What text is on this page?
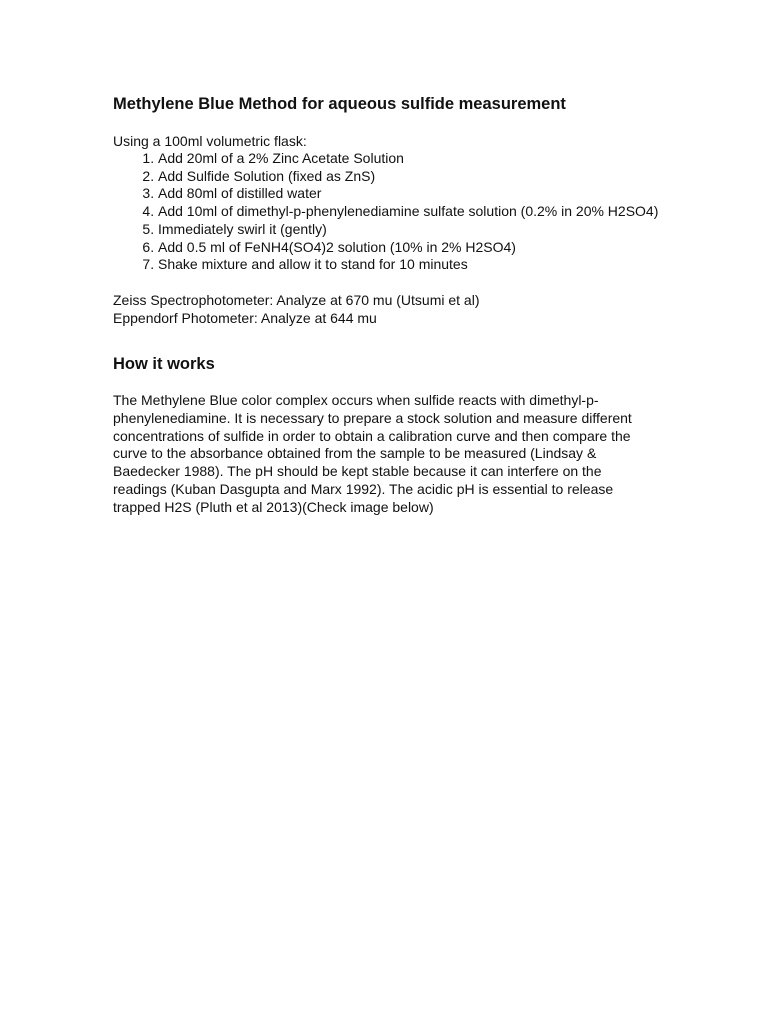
Methylene Blue Method for aqueous sulfide measurement
Using a 100ml volumetric flask:
1. Add 20ml of a 2% Zinc Acetate Solution
2. Add Sulfide Solution (fixed as ZnS)
3. Add 80ml of distilled water
4. Add 10ml of dimethyl-p-phenylenediamine sulfate solution (0.2% in 20% H2SO4)
5. Immediately swirl it (gently)
6. Add 0.5 ml of FeNH4(SO4)2 solution (10% in 2% H2SO4)
7. Shake mixture and allow it to stand for 10 minutes
Zeiss Spectrophotometer: Analyze at 670 mu (Utsumi et al)
Eppendorf Photometer: Analyze at 644 mu
How it works

The Methylene Blue color complex occurs when sulfide reacts with dimethyl-p-phenylenediamine. It is necessary to prepare a stock solution and measure different concentrations of sulfide in order to obtain a calibration curve and then compare the curve to the absorbance obtained from the sample to be measured (Lindsay & Baedecker 1988). The pH should be kept stable because it can interfere on the readings (Kuban Dasgupta and Marx 1992). The acidic pH is essential to release trapped H2S (Pluth et al 2013)(Check image below)
